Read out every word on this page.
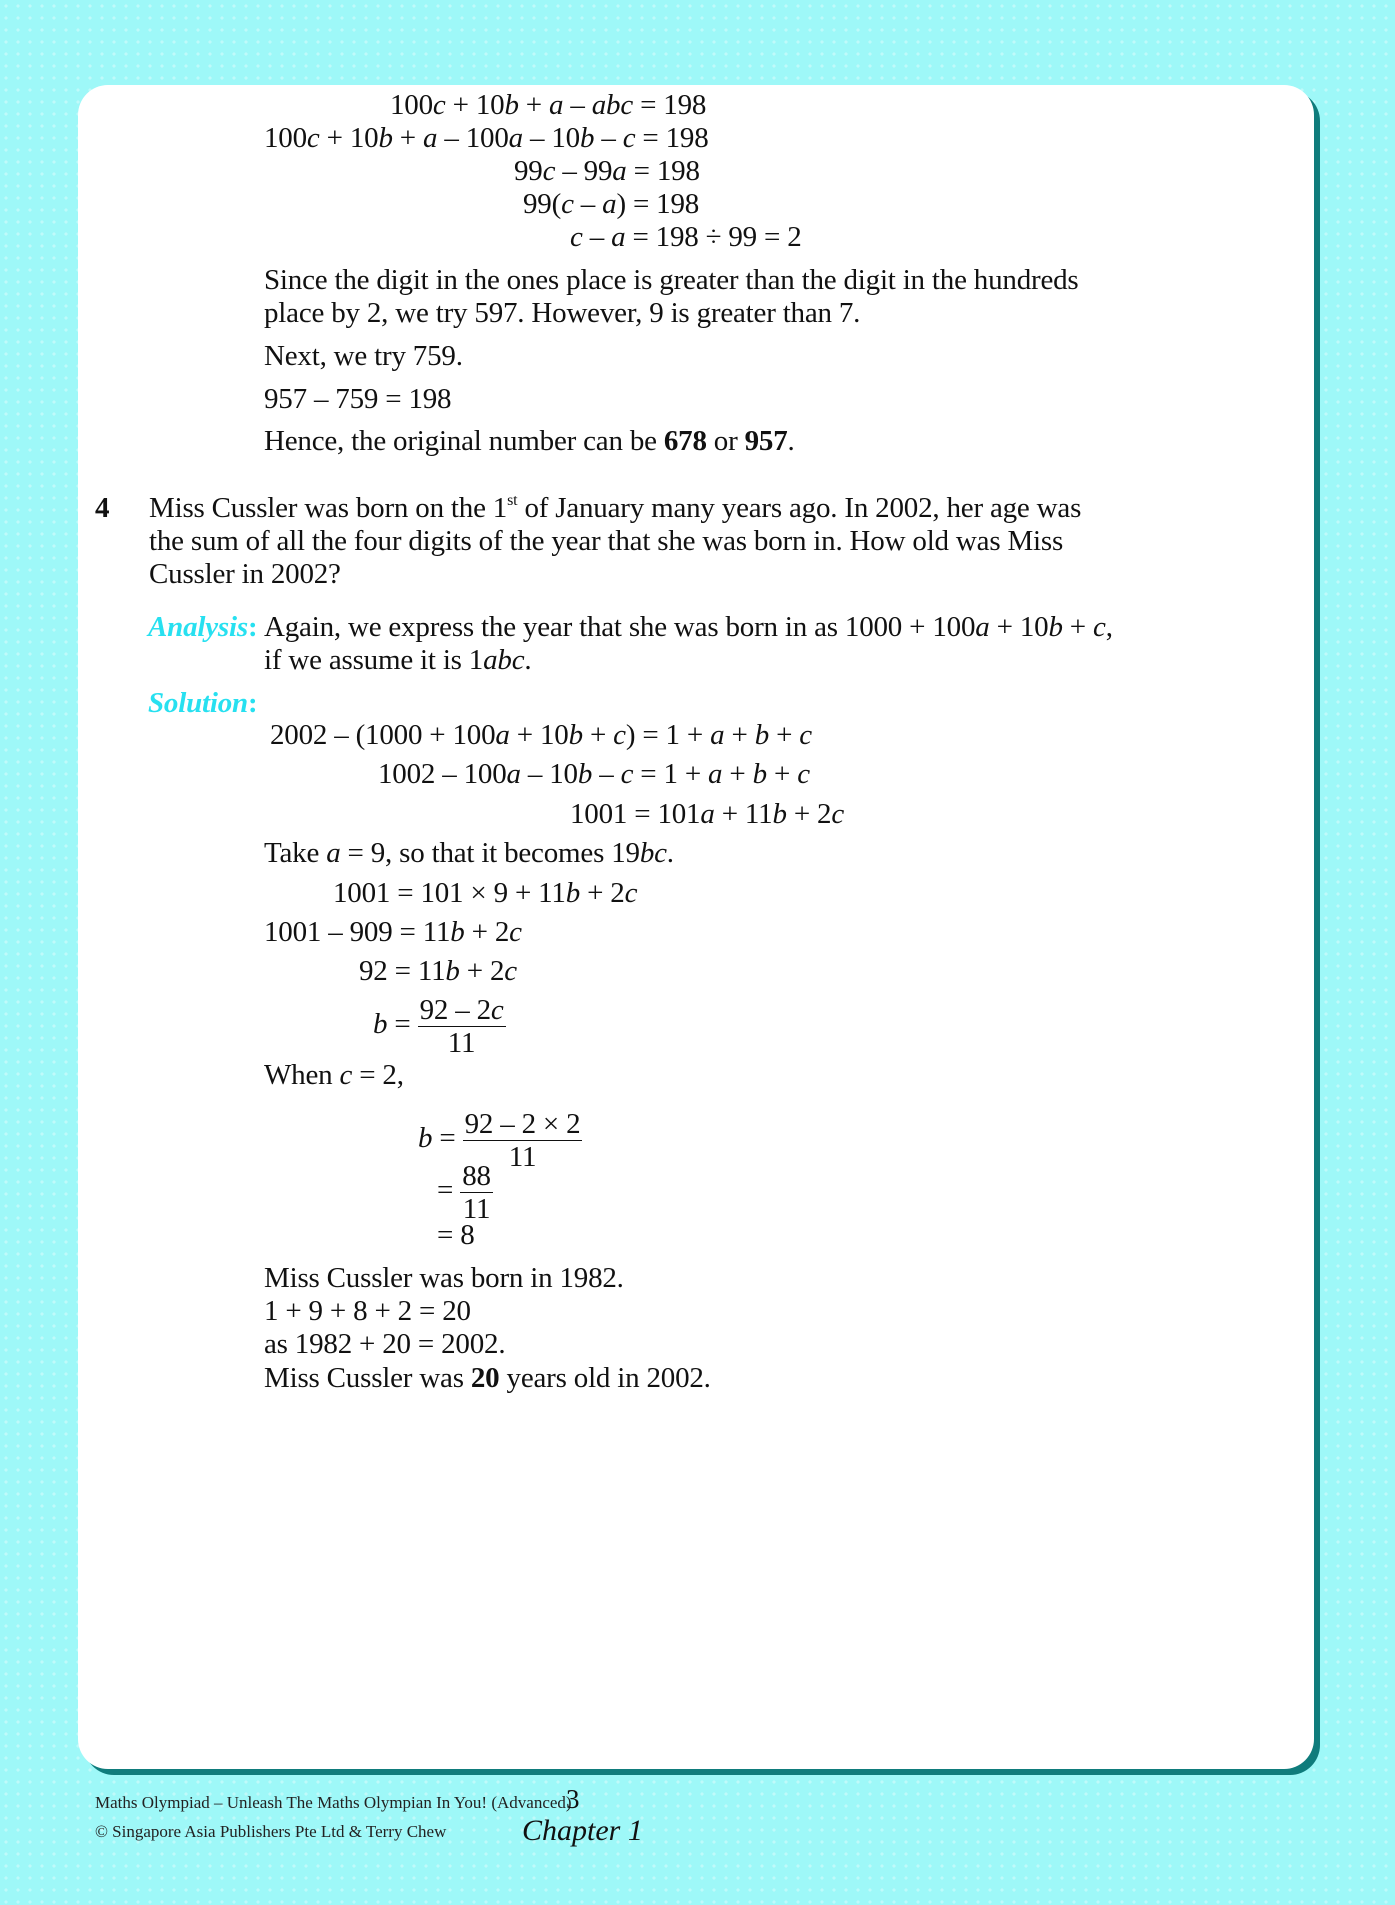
100c + 10b + a – abc = 198
100c + 10b + a – 100a – 10b – c = 198
99c – 99a = 198
99(c – a) = 198
c – a = 198 ÷ 99 = 2
Since the digit in the ones place is greater than the digit in the hundreds
place by 2, we try 597. However, 9 is greater than 7.
Next, we try 759.
957 – 759 = 198
Hence, the original number can be 678 or 957.
4 Miss Cussler was born on the 1st of January many years ago. In 2002, her age was
the sum of all the four digits of the year that she was born in. How old was Miss
Cussler in 2002?
Analysis: Again, we express the year that she was born in as 1000 + 100a + 10b + c,
if we assume it is 1abc.
Solution:
2002 – (1000 + 100a + 10b + c) = 1 + a + b + c
1002 – 100a – 10b – c = 1 + a + b + c
1001 = 101a + 11b + 2c
Take a = 9, so that it becomes 19bc.
1001 = 101 × 9 + 11b + 2c
1001 – 909 = 11b + 2c
92 = 11b + 2c
$b = \frac{92 - 2c}{11}$
When c = 2,
$b = \frac{92 - 2 \times 2}{11}$
= $\frac{88}{11}$
= 8
Miss Cussler was born in 1982.
1 + 9 + 8 + 2 = 20
as 1982 + 20 = 2002.
Miss Cussler was 20 years old in 2002.
Maths Olympiad – Unleash The Maths Olympian In You! (Advanced)
© Singapore Asia Publishers Pte Ltd & Terry Chew
3
Chapter 1
